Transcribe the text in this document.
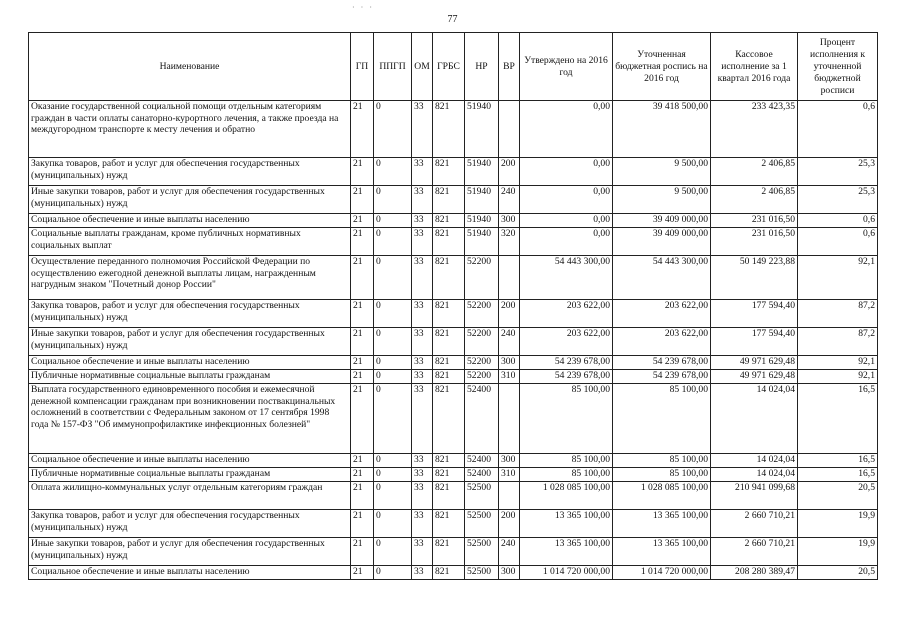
· · ·
77
Наименование	ГП	ППГП	ОМ	ГРБС	НР	ВР	Утверждено на 2016 год	Уточненная бюджетная роспись на 2016 год	Кассовое исполнение за 1 квартал 2016 года	Процент исполнения к уточненной бюджетной росписи
Оказание государственной социальной помощи отдельным категориям граждан в части оплаты санаторно-курортного лечения, а также проезда на междугородном транспорте к месту лечения и обратно	21	0	33	821	51940		0,00	39 418 500,00	233 423,35	0,6
Закупка товаров, работ и услуг для обеспечения государственных (муниципальных) нужд	21	0	33	821	51940	200	0,00	9 500,00	2 406,85	25,3
Иные закупки товаров, работ и услуг для обеспечения государственных (муниципальных) нужд	21	0	33	821	51940	240	0,00	9 500,00	2 406,85	25,3
Социальное обеспечение и иные выплаты населению	21	0	33	821	51940	300	0,00	39 409 000,00	231 016,50	0,6
Социальные выплаты гражданам, кроме публичных нормативных социальных выплат	21	0	33	821	51940	320	0,00	39 409 000,00	231 016,50	0,6
Осуществление переданного полномочия Российской Федерации по осуществлению ежегодной денежной выплаты лицам, награжденным нагрудным знаком "Почетный донор России"	21	0	33	821	52200		54 443 300,00	54 443 300,00	50 149 223,88	92,1
Закупка товаров, работ и услуг для обеспечения государственных (муниципальных) нужд	21	0	33	821	52200	200	203 622,00	203 622,00	177 594,40	87,2
Иные закупки товаров, работ и услуг для обеспечения государственных (муниципальных) нужд	21	0	33	821	52200	240	203 622,00	203 622,00	177 594,40	87,2
Социальное обеспечение и иные выплаты населению	21	0	33	821	52200	300	54 239 678,00	54 239 678,00	49 971 629,48	92,1
Публичные нормативные социальные выплаты гражданам	21	0	33	821	52200	310	54 239 678,00	54 239 678,00	49 971 629,48	92,1
Выплата государственного единовременного пособия и ежемесячной денежной компенсации гражданам при возникновении поствакцинальных осложнений в соответствии с Федеральным законом от 17 сентября 1998 года № 157-ФЗ "Об иммунопрофилактике инфекционных болезней"	21	0	33	821	52400		85 100,00	85 100,00	14 024,04	16,5
Социальное обеспечение и иные выплаты населению	21	0	33	821	52400	300	85 100,00	85 100,00	14 024,04	16,5
Публичные нормативные социальные выплаты гражданам	21	0	33	821	52400	310	85 100,00	85 100,00	14 024,04	16,5
Оплата жилищно-коммунальных услуг отдельным категориям граждан	21	0	33	821	52500		1 028 085 100,00	1 028 085 100,00	210 941 099,68	20,5
Закупка товаров, работ и услуг для обеспечения государственных (муниципальных) нужд	21	0	33	821	52500	200	13 365 100,00	13 365 100,00	2 660 710,21	19,9
Иные закупки товаров, работ и услуг для обеспечения государственных (муниципальных) нужд	21	0	33	821	52500	240	13 365 100,00	13 365 100,00	2 660 710,21	19,9
Социальное обеспечение и иные выплаты населению	21	0	33	821	52500	300	1 014 720 000,00	1 014 720 000,00	208 280 389,47	20,5
